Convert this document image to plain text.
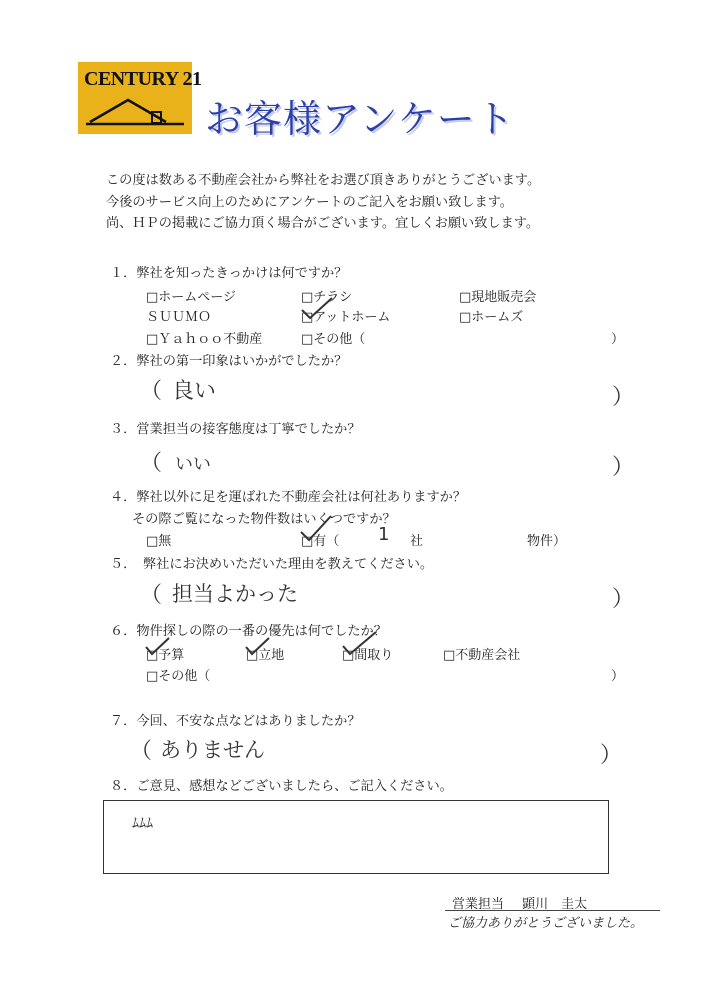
CENTURY 21
お客様アンケート
この度は数ある不動産会社から弊社をお選び頂きありがとうございます。
今後のサービス向上のためにアンケートのご記入をお願い致します。
尚、ＨＰの掲載にご協力頂く場合がございます。宜しくお願い致します。
１．弊社を知ったきっかけは何ですか？
□ホームページ	□チラシ	□現地販売会
ＳＵＵＭＯ	□アットホーム	□ホームズ
□Ｙａｈｏｏ不動産	□その他（	）
２．弊社の第一印象はいかがでしたか？
（ 良い	）
３．営業担当の接客態度は丁寧でしたか？
（ いい	）
４．弊社以外に足を運ばれた不動産会社は何社ありますか？
その際ご覧になった物件数はいくつですか？
□無	□有（ 1 社	物件）
５．　弊社にお決めいただいた理由を教えてください。
（ 担当よかった	）
６．物件探しの際の一番の優先は何でしたか？
□予算	□立地	□間取り	□不動産会社
□その他（	）
７．今回、不安な点などはありましたか？
（ ありません	）
８．ご意見、感想などございましたら、ご記入ください。
ﾑﾑﾑ
営業担当 顕川　圭太
ご協力ありがとうございました。
